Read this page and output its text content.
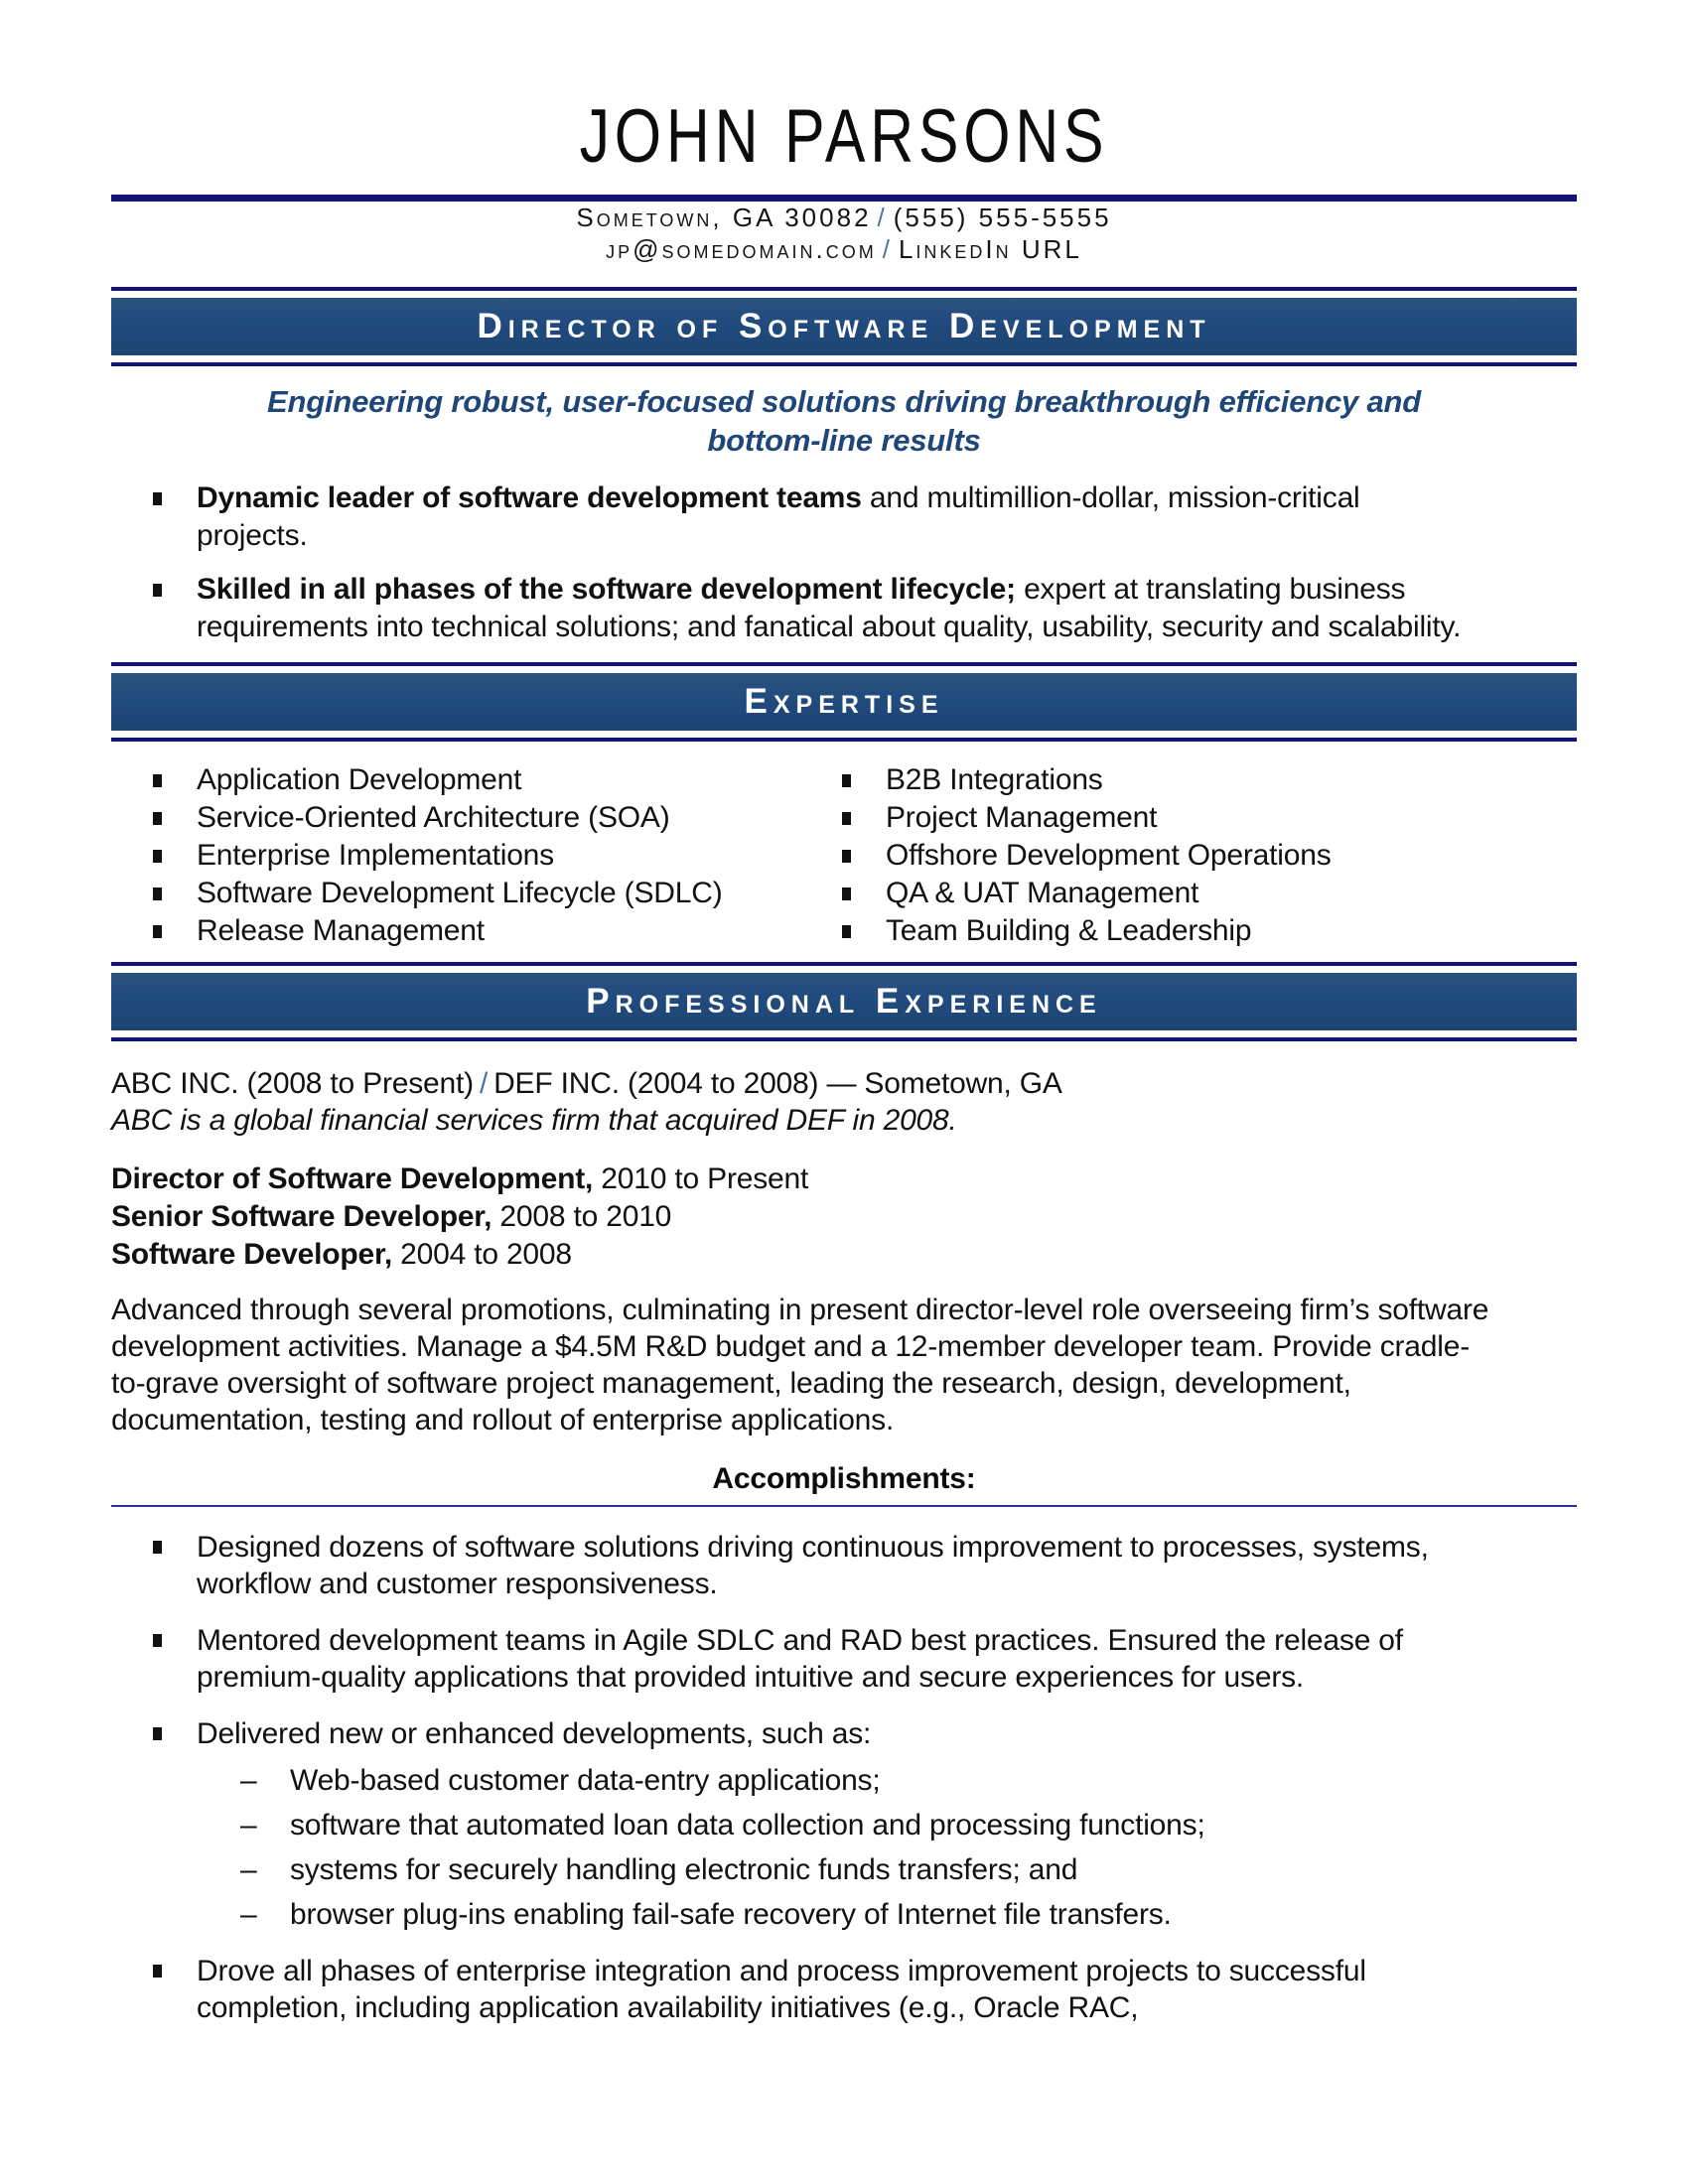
JOHN PARSONS
Sometown, GA 30082 / (555) 555-5555
jp@somedomain.com / LinkedIn URL
Director of Software Development
Engineering robust, user-focused solutions driving breakthrough efficiency and bottom-line results
Dynamic leader of software development teams and multimillion-dollar, mission-critical projects.
Skilled in all phases of the software development lifecycle; expert at translating business requirements into technical solutions; and fanatical about quality, usability, security and scalability.
Expertise
Application Development
Service-Oriented Architecture (SOA)
Enterprise Implementations
Software Development Lifecycle (SDLC)
Release Management
B2B Integrations
Project Management
Offshore Development Operations
QA & UAT Management
Team Building & Leadership
Professional Experience
ABC INC. (2008 to Present) / DEF INC. (2004 to 2008) — Sometown, GA
ABC is a global financial services firm that acquired DEF in 2008.
Director of Software Development, 2010 to Present
Senior Software Developer, 2008 to 2010
Software Developer, 2004 to 2008
Advanced through several promotions, culminating in present director-level role overseeing firm’s software development activities. Manage a $4.5M R&D budget and a 12-member developer team. Provide cradle-to-grave oversight of software project management, leading the research, design, development, documentation, testing and rollout of enterprise applications.
Accomplishments:
Designed dozens of software solutions driving continuous improvement to processes, systems, workflow and customer responsiveness.
Mentored development teams in Agile SDLC and RAD best practices. Ensured the release of premium-quality applications that provided intuitive and secure experiences for users.
Delivered new or enhanced developments, such as:
– Web-based customer data-entry applications;
– software that automated loan data collection and processing functions;
– systems for securely handling electronic funds transfers; and
– browser plug-ins enabling fail-safe recovery of Internet file transfers.
Drove all phases of enterprise integration and process improvement projects to successful completion, including application availability initiatives (e.g., Oracle RAC,
